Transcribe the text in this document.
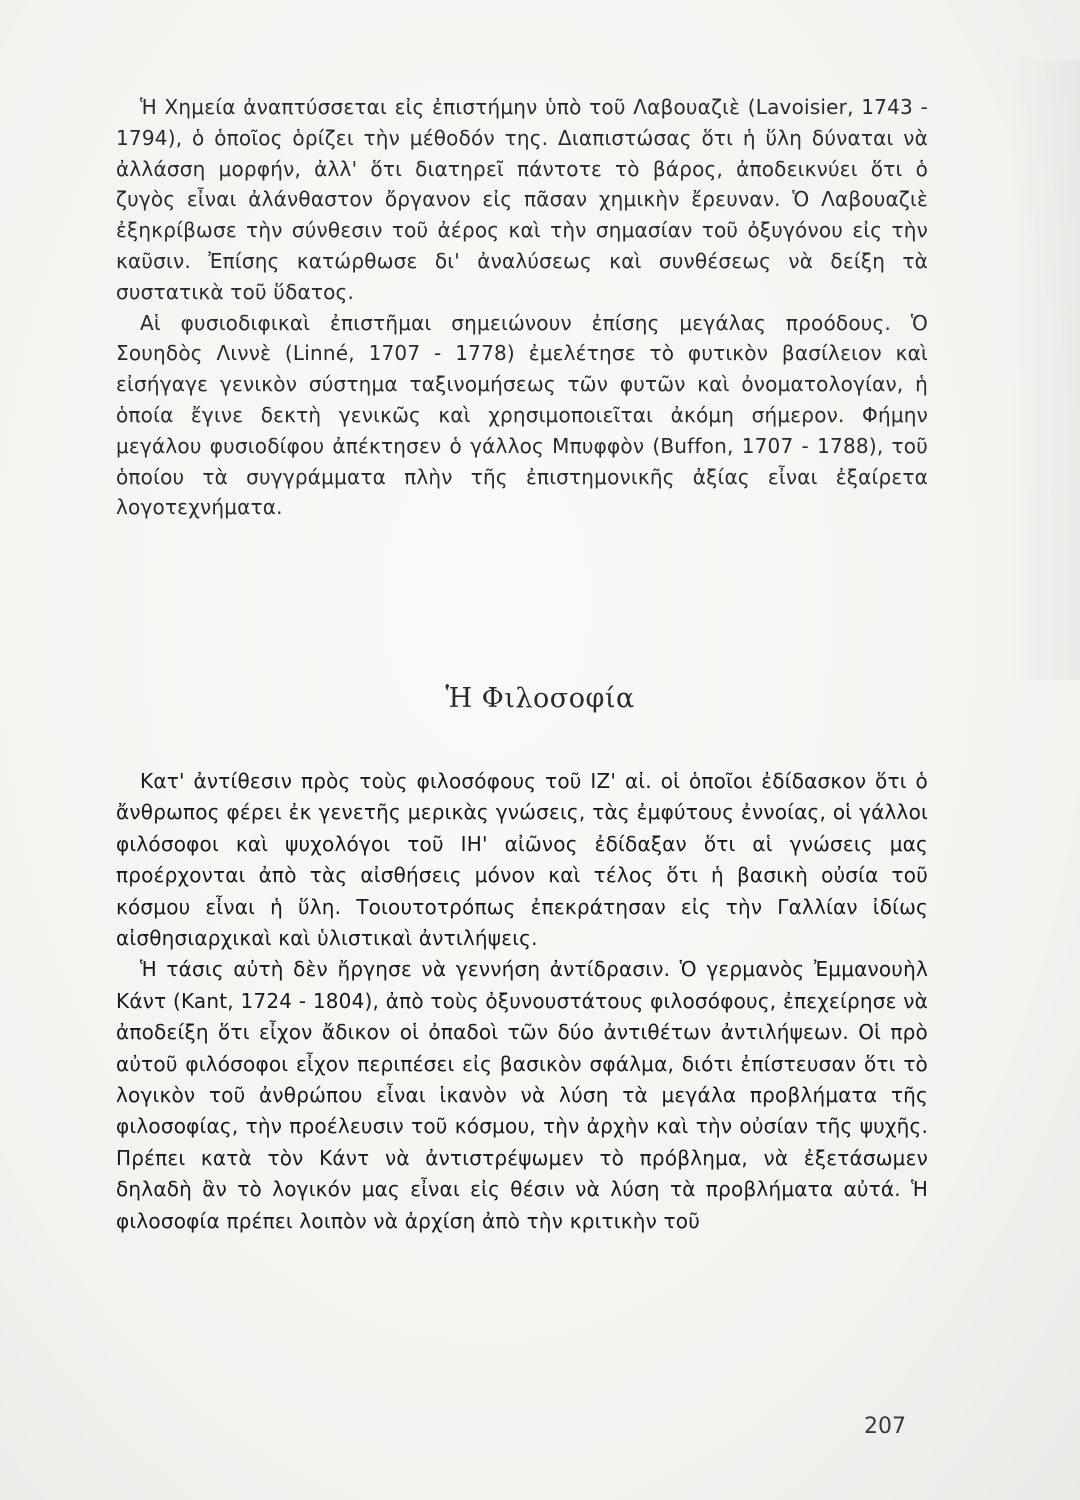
Ἡ Χημεία ἀναπτύσσεται εἰς ἐπιστήμην ὑπὸ τοῦ Λαβουαζιὲ (Lavoisier, 1743 - 1794), ὁ ὁποῖος ὁρίζει τὴν μέθοδόν της. Διαπιστώσας ὅτι ἡ ὕλη δύναται νὰ ἀλλάσση μορφήν, ἀλλ' ὅτι διατηρεῖ πάντοτε τὸ βάρος, ἀποδεικνύει ὅτι ὁ ζυγὸς εἶναι ἀλάνθαστον ὄργανον εἰς πᾶσαν χημικὴν ἔρευναν. Ὁ Λαβουαζιὲ ἐξηκρίβωσε τὴν σύνθεσιν τοῦ ἀέρος καὶ τὴν σημασίαν τοῦ ὀξυγόνου εἰς τὴν καῦσιν. Ἐπίσης κατώρθωσε δι' ἀναλύσεως καὶ συνθέσεως νὰ δείξη τὰ συστατικὰ τοῦ ὕδατος.

Αἱ φυσιοδιφικαὶ ἐπιστῆμαι σημειώνουν ἐπίσης μεγάλας προόδους. Ὁ Σουηδὸς Λιννὲ (Linné, 1707 - 1778) ἐμελέτησε τὸ φυτικὸν βασίλειον καὶ εἰσήγαγε γενικὸν σύστημα ταξινομήσεως τῶν φυτῶν καὶ ὀνοματολογίαν, ἡ ὁποία ἔγινε δεκτὴ γενικῶς καὶ χρησιμοποιεῖται ἀκόμη σήμερον. Φήμην μεγάλου φυσιοδίφου ἀπέκτησεν ὁ γάλλος Μπυφφὸν (Buffon, 1707 - 1788), τοῦ ὁποίου τὰ συγγράμματα πλὴν τῆς ἐπιστημονικῆς ἀξίας εἶναι ἐξαίρετα λογοτεχνήματα.

Ἡ Φιλοσοφία

Κατ' ἀντίθεσιν πρὸς τοὺς φιλοσόφους τοῦ ΙΖ' αἰ. οἱ ὁποῖοι ἐδίδασκον ὅτι ὁ ἄνθρωπος φέρει ἐκ γενετῆς μερικὰς γνώσεις, τὰς ἐμφύτους ἐννοίας, οἱ γάλλοι φιλόσοφοι καὶ ψυχολόγοι τοῦ ΙΗ' αἰῶνος ἐδίδαξαν ὅτι αἱ γνώσεις μας προέρχονται ἀπὸ τὰς αἰσθήσεις μόνον καὶ τέλος ὅτι ἡ βασικὴ οὐσία τοῦ κόσμου εἶναι ἡ ὕλη. Τοιουτοτρόπως ἐπεκράτησαν εἰς τὴν Γαλλίαν ἰδίως αἰσθησιαρχικαὶ καὶ ὑλιστικαὶ ἀντιλήψεις.

Ἡ τάσις αὐτὴ δὲν ἤργησε νὰ γεννήση ἀντίδρασιν. Ὁ γερμανὸς Ἐμμανουὴλ Κάντ (Kant, 1724 - 1804), ἀπὸ τοὺς ὀξυνουστάτους φιλοσόφους, ἐπεχείρησε νὰ ἀποδείξη ὅτι εἶχον ἄδικον οἱ ὀπαδοὶ τῶν δύο ἀντιθέτων ἀντιλήψεων. Οἱ πρὸ αὐτοῦ φιλόσοφοι εἶχον περιπέσει εἰς βασικὸν σφάλμα, διότι ἐπίστευσαν ὅτι τὸ λογικὸν τοῦ ἀνθρώπου εἶναι ἱκανὸν νὰ λύση τὰ μεγάλα προβλήματα τῆς φιλοσοφίας, τὴν προέλευσιν τοῦ κόσμου, τὴν ἀρχὴν καὶ τὴν οὐσίαν τῆς ψυχῆς. Πρέπει κατὰ τὸν Κάντ νὰ ἀντιστρέψωμεν τὸ πρόβλημα, νὰ ἐξετάσωμεν δηλαδὴ ἂν τὸ λογικόν μας εἶναι εἰς θέσιν νὰ λύση τὰ προβλήματα αὐτά. Ἡ φιλοσοφία πρέπει λοιπὸν νὰ ἀρχίση ἀπὸ τὴν κριτικὴν τοῦ

207
